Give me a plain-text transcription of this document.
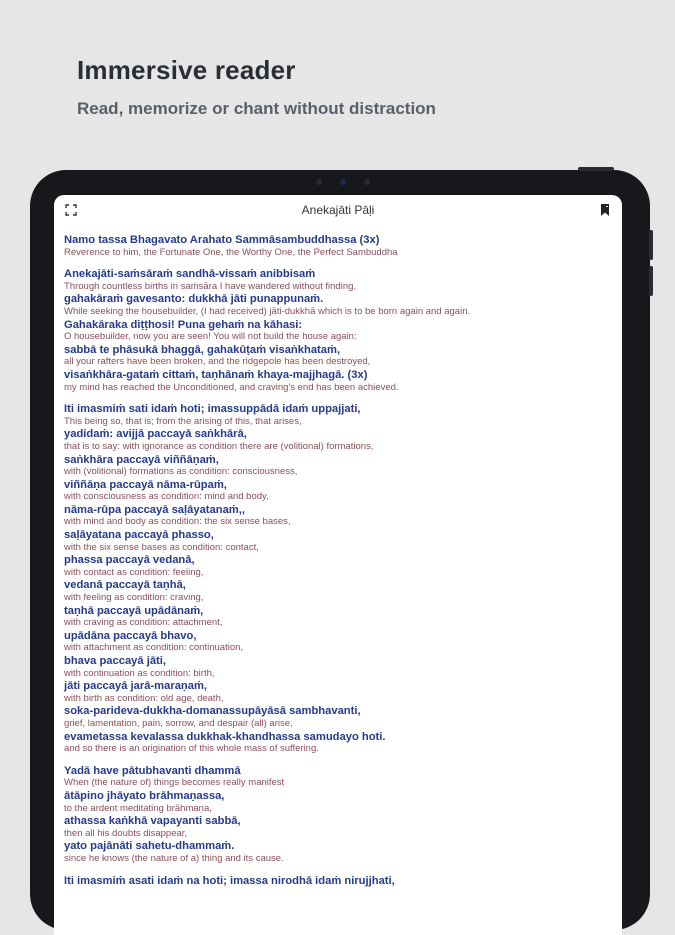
Immersive reader
Read, memorize or chant without distraction
Anekajāti Pāḷi
Namo tassa Bhagavato Arahato Sammāsambuddhassa (3x)
Reverence to him, the Fortunate One, the Worthy One, the Perfect Sambuddha
Anekajāti-saṁsāraṁ sandhā-vissaṁ anibbisaṁ
Through countless births in saṁsāra I have wandered without finding.
gahakāraṁ gavesanto: dukkhā jāti punappunaṁ.
While seeking the housebuilder, (I had received) jāti-dukkhā which is to be born again and again.
Gahakāraka diṭṭhosi! Puna gehaṁ na kāhasi:
O housebuilder, now you are seen! You will not build the house again:
sabbā te phāsukā bhaggā, gahakūṭaṁ visaṅkhataṁ,
all your rafters have been broken, and the ridgepole has been destroyed,
visaṅkhāra-gataṁ cittaṁ, taṇhānaṁ khaya-majjhagā. (3x)
my mind has reached the Unconditioned, and craving's end has been achieved.
Iti imasmiṁ sati idaṁ hoti; imassuppādā idaṁ uppajjati,
This being so, that is; from the arising of this, that arises,
yadidaṁ: avijjā paccayā saṅkhārā,
that is to say: with ignorance as condition there are (volitional) formations,
saṅkhāra paccayā viññāṇaṁ,
with (volitional) formations as condition: consciousness,
viññāṇa paccayā nāma-rūpaṁ,
with consciousness as condition: mind and body,
nāma-rūpa paccayā saḷāyatanaṁ,,
with mind and body as condition: the six sense bases,
saḷāyatana paccayā phasso,
with the six sense bases as condition: contact,
phassa paccayā vedanā,
with contact as condition: feeling,
vedanā paccayā taṇhā,
with feeling as condition: craving,
taṇhā paccayā upādānaṁ,
with craving as condition: attachment,
upādāna paccayā bhavo,
with attachment as condition: continuation,
bhava paccayā jāti,
with continuation as condition: birth,
jāti paccayā jarā-maraṇaṁ,
with birth as condition: old age, death,
soka-parideva-dukkha-domanassupāyāsā sambhavanti,
grief, lamentation, pain, sorrow, and despair (all) arise,
evametassa kevalassa dukkhak-khandhassa samudayo hoti.
and so there is an origination of this whole mass of suffering.
Yadā have pātubhavanti dhammā
When (the nature of) things becomes really manifest
ātāpino jhāyato brāhmaṇassa,
to the ardent meditating brāhmaṇa,
athassa kaṅkhā vapayanti sabbā,
then all his doubts disappear,
yato pajānāti sahetu-dhammaṁ.
since he knows (the nature of a) thing and its cause.
Iti imasmiṁ asati idaṁ na hoti; imassa nirodhā idaṁ nirujjhati,
